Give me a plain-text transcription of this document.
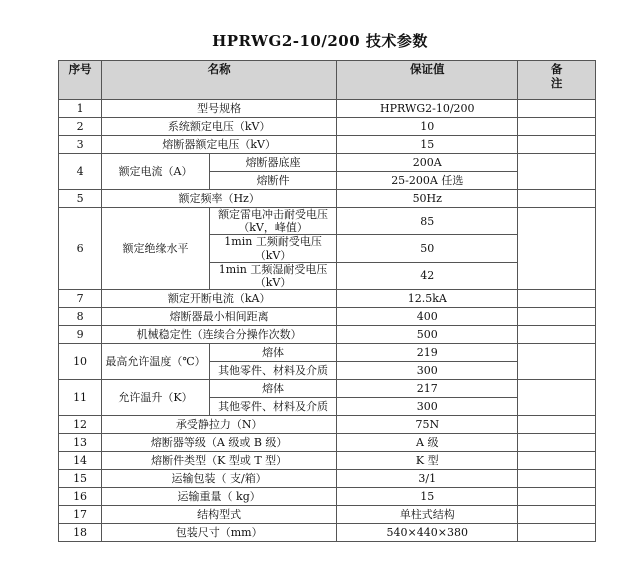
HPRWG2-10/200 技术参数
序号	名称		保证值	备
注
1	型号规格		HPRWG2-10/200	
2	系统额定电压（kV）		10	
3	熔断器额定电压（kV）		15	
4	额定电流（A）	熔断器底座	200A	
		熔断件	25-200A 任选	
5	额定频率（Hz）		50Hz	
6	额定绝缘水平	额定雷电冲击耐受电压（kV，峰值）	85	
		1min 工频耐受电压（kV）	50	
		1min 工频湿耐受电压（kV）	42	
7	额定开断电流（kA）		12.5kA	
8	熔断器最小相间距离		400	
9	机械稳定性（连续合分操作次数）		500	
10	最高允许温度（℃）	熔体	219	
		其他零件、材料及介质	300	
11	允许温升（K）	熔体	217	
		其他零件、材料及介质	300	
12	承受静拉力（N）		75N	
13	熔断器等级（A 级或 B 级）		A 级	
14	熔断件类型（K 型或 T 型）		K 型	
15	运输包装（ 支/箱）		3/1	
16	运输重量（ kg）		15	
17	结构型式		单柱式结构	
18	包装尺寸（mm）		540×440×380	
